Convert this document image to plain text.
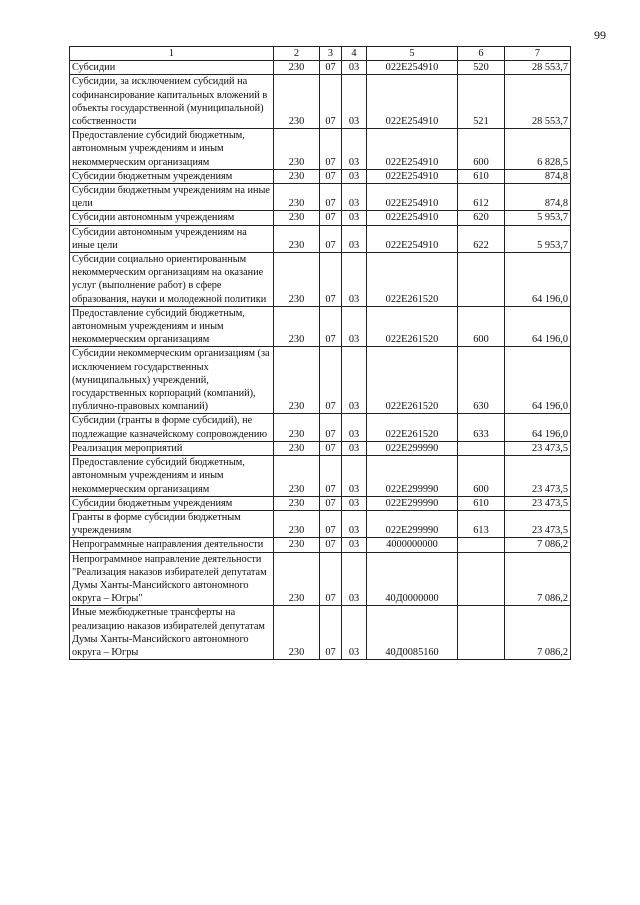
99
1	2	3	4	5	6	7
Субсидии	230	07	03	022E254910	520	28 553,7
Субсидии, за исключением субсидий на софинансирование капитальных вложений в объекты государственной (муниципальной) собственности	230	07	03	022E254910	521	28 553,7
Предоставление субсидий бюджетным, автономным учреждениям и иным некоммерческим организациям	230	07	03	022E254910	600	6 828,5
Субсидии бюджетным учреждениям	230	07	03	022E254910	610	874,8
Субсидии бюджетным учреждениям на иные цели	230	07	03	022E254910	612	874,8
Субсидии автономным учреждениям	230	07	03	022E254910	620	5 953,7
Субсидии автономным учреждениям на иные цели	230	07	03	022E254910	622	5 953,7
Субсидии социально ориентированным некоммерческим организациям на оказание услуг (выполнение работ) в сфере образования, науки и молодежной политики	230	07	03	022E261520		64 196,0
Предоставление субсидий бюджетным, автономным учреждениям и иным некоммерческим организациям	230	07	03	022E261520	600	64 196,0
Субсидии некоммерческим организациям (за исключением государственных (муниципальных) учреждений, государственных корпораций (компаний), публично-правовых компаний)	230	07	03	022E261520	630	64 196,0
Субсидии (гранты в форме субсидий), не подлежащие казначейскому сопровождению	230	07	03	022E261520	633	64 196,0
Реализация мероприятий	230	07	03	022E299990		23 473,5
Предоставление субсидий бюджетным, автономным учреждениям и иным некоммерческим организациям	230	07	03	022E299990	600	23 473,5
Субсидии бюджетным учреждениям	230	07	03	022E299990	610	23 473,5
Гранты в форме субсидии бюджетным учреждениям	230	07	03	022E299990	613	23 473,5
Непрограммные направления деятельности	230	07	03	4000000000		7 086,2
Непрограммное направление деятельности "Реализация наказов избирателей депутатам Думы Ханты-Мансийского автономного округа – Югры"	230	07	03	40Д0000000		7 086,2
Иные межбюджетные трансферты на реализацию наказов избирателей депутатам Думы Ханты-Мансийского автономного округа – Югры	230	07	03	40Д0085160		7 086,2
